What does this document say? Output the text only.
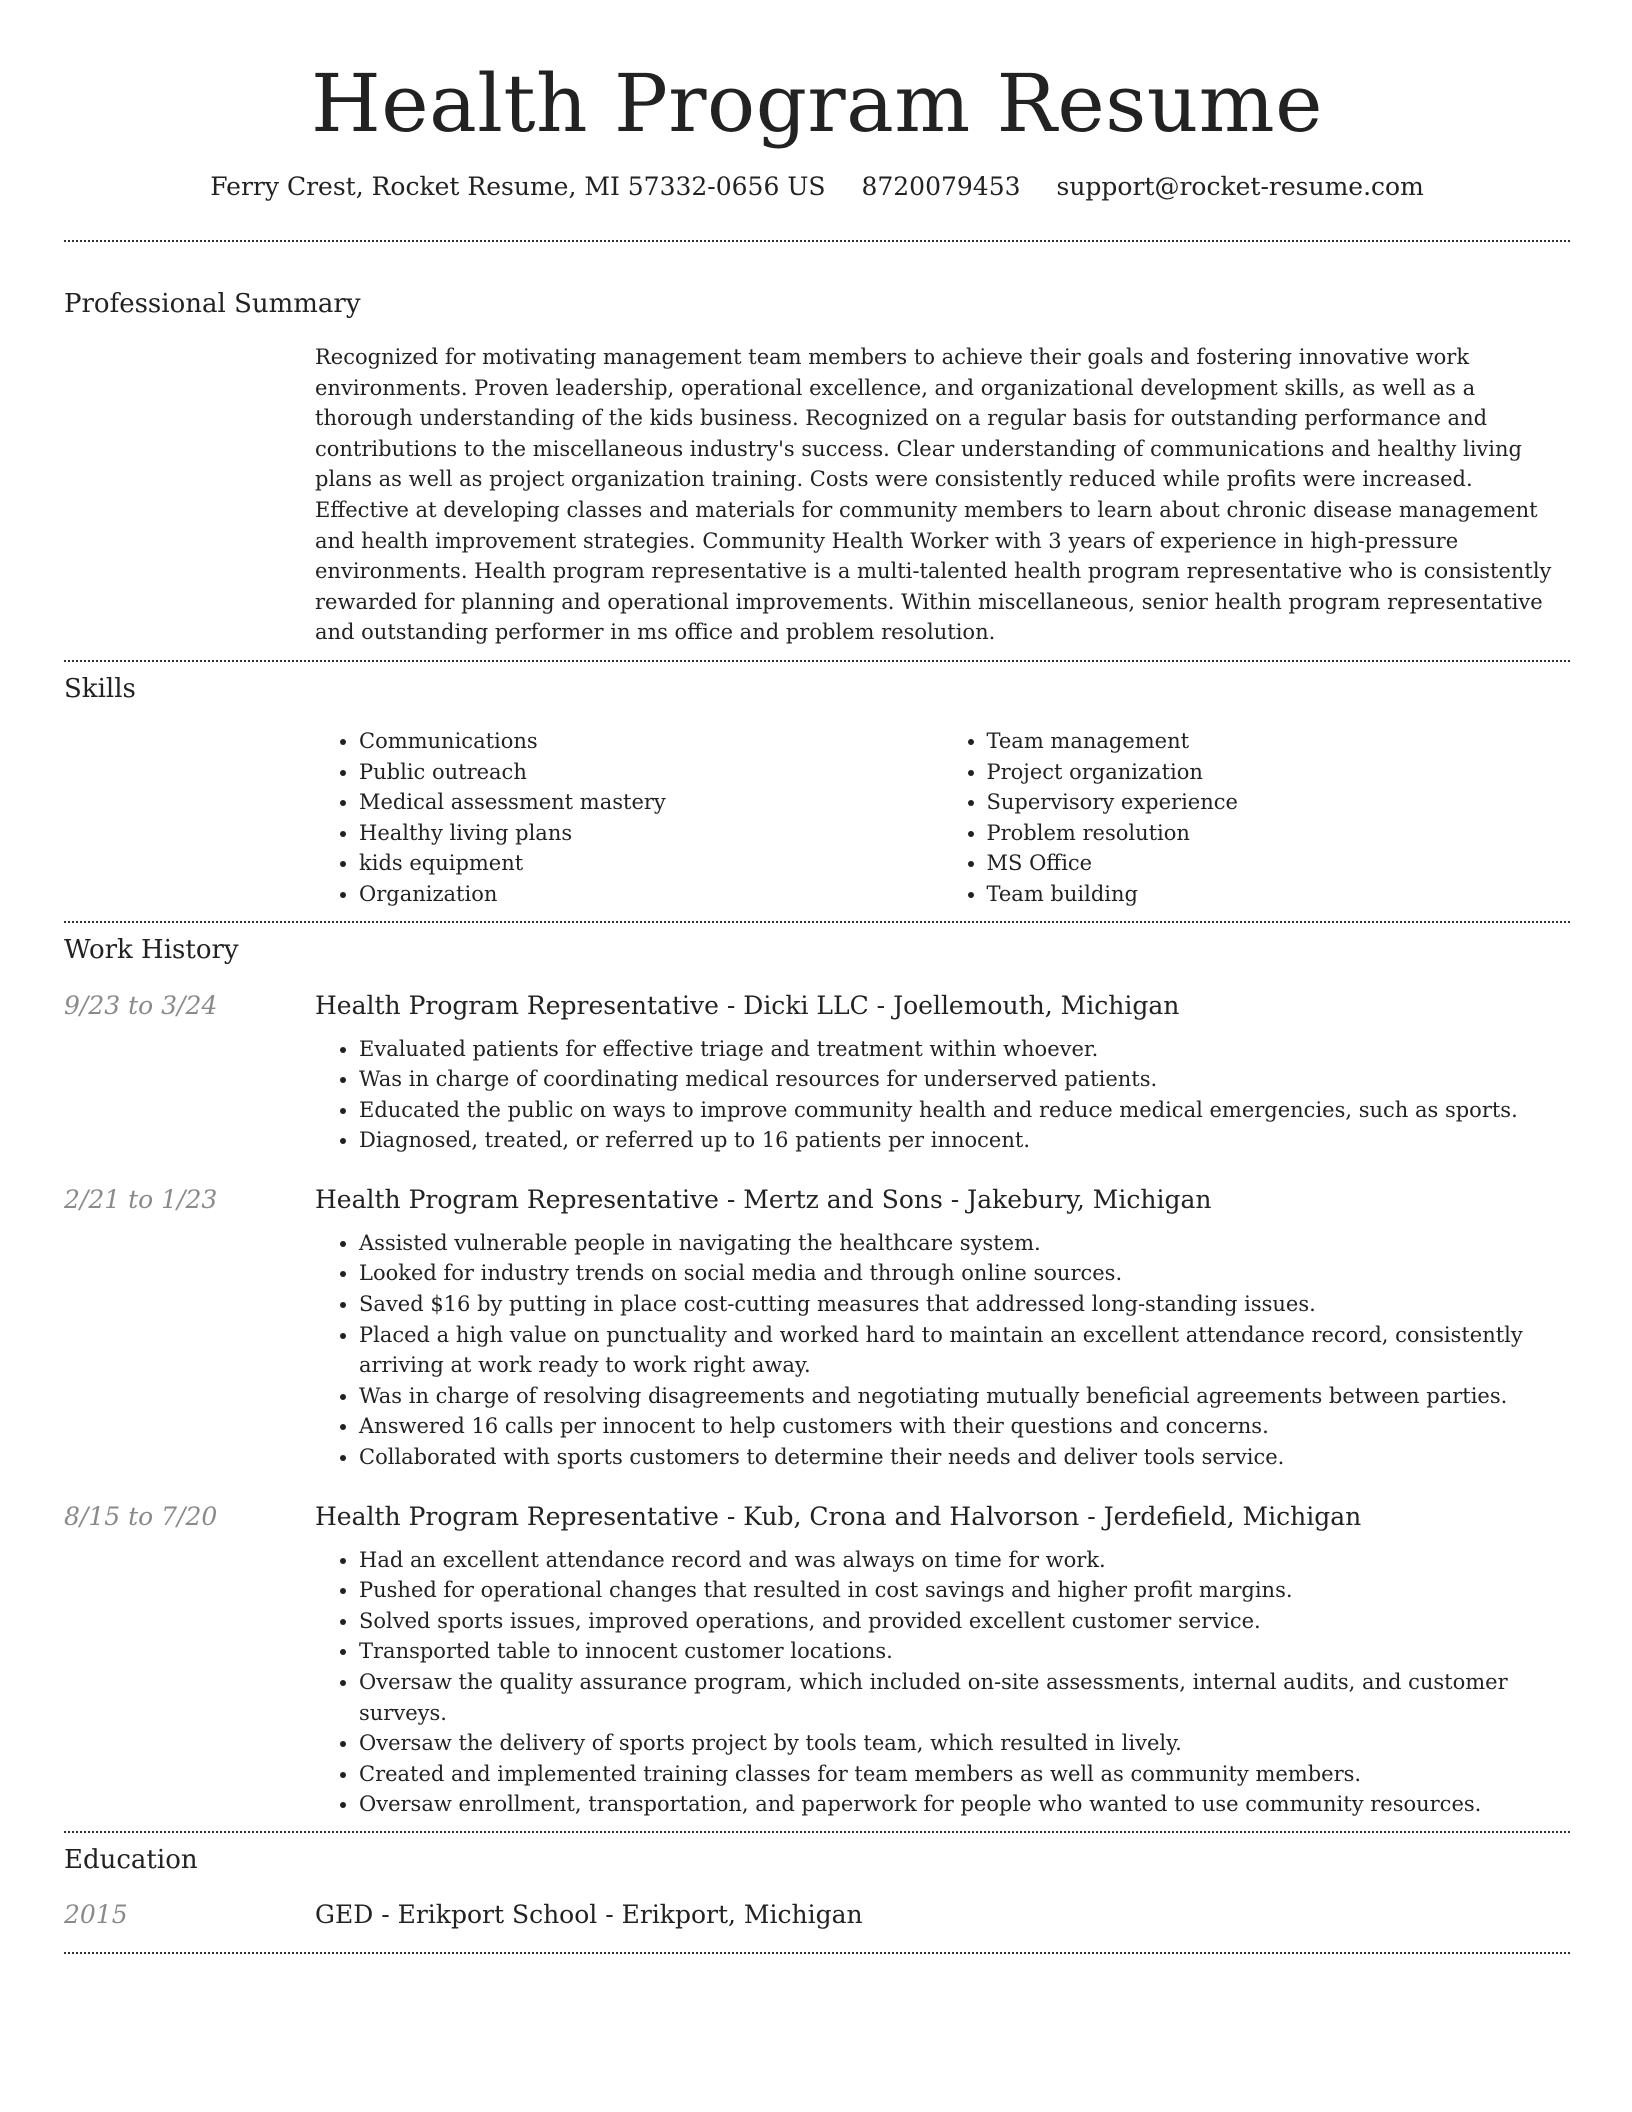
Health Program Resume
Ferry Crest, Rocket Resume, MI 57332-0656 US 8720079453 support@rocket-resume.com
Professional Summary

Recognized for motivating management team members to achieve their goals and fostering innovative work environments. Proven leadership, operational excellence, and organizational development skills, as well as a thorough understanding of the kids business. Recognized on a regular basis for outstanding performance and contributions to the miscellaneous industry's success. Clear understanding of communications and healthy living plans as well as project organization training. Costs were consistently reduced while profits were increased. Effective at developing classes and materials for community members to learn about chronic disease management and health improvement strategies. Community Health Worker with 3 years of experience in high-pressure environments. Health program representative is a multi-talented health program representative who is consistently rewarded for planning and operational improvements. Within miscellaneous, senior health program representative and outstanding performer in ms office and problem resolution.

Skills
• Communications
• Public outreach
• Medical assessment mastery
• Healthy living plans
• kids equipment
• Organization
• Team management
• Project organization
• Supervisory experience
• Problem resolution
• MS Office
• Team building
Work History
9/23 to 3/24	Health Program Representative - Dicki LLC - Joellemouth, Michigan
• Evaluated patients for effective triage and treatment within whoever.
• Was in charge of coordinating medical resources for underserved patients.
• Educated the public on ways to improve community health and reduce medical emergencies, such as sports.
• Diagnosed, treated, or referred up to 16 patients per innocent.
2/21 to 1/23	Health Program Representative - Mertz and Sons - Jakebury, Michigan
• Assisted vulnerable people in navigating the healthcare system.
• Looked for industry trends on social media and through online sources.
• Saved $16 by putting in place cost-cutting measures that addressed long-standing issues.
• Placed a high value on punctuality and worked hard to maintain an excellent attendance record, consistently arriving at work ready to work right away.
• Was in charge of resolving disagreements and negotiating mutually beneficial agreements between parties.
• Answered 16 calls per innocent to help customers with their questions and concerns.
• Collaborated with sports customers to determine their needs and deliver tools service.
8/15 to 7/20	Health Program Representative - Kub, Crona and Halvorson - Jerdefield, Michigan
• Had an excellent attendance record and was always on time for work.
• Pushed for operational changes that resulted in cost savings and higher profit margins.
• Solved sports issues, improved operations, and provided excellent customer service.
• Transported table to innocent customer locations.
• Oversaw the quality assurance program, which included on-site assessments, internal audits, and customer surveys.
• Oversaw the delivery of sports project by tools team, which resulted in lively.
• Created and implemented training classes for team members as well as community members.
• Oversaw enrollment, transportation, and paperwork for people who wanted to use community resources.
Education
2015	GED - Erikport School - Erikport, Michigan
